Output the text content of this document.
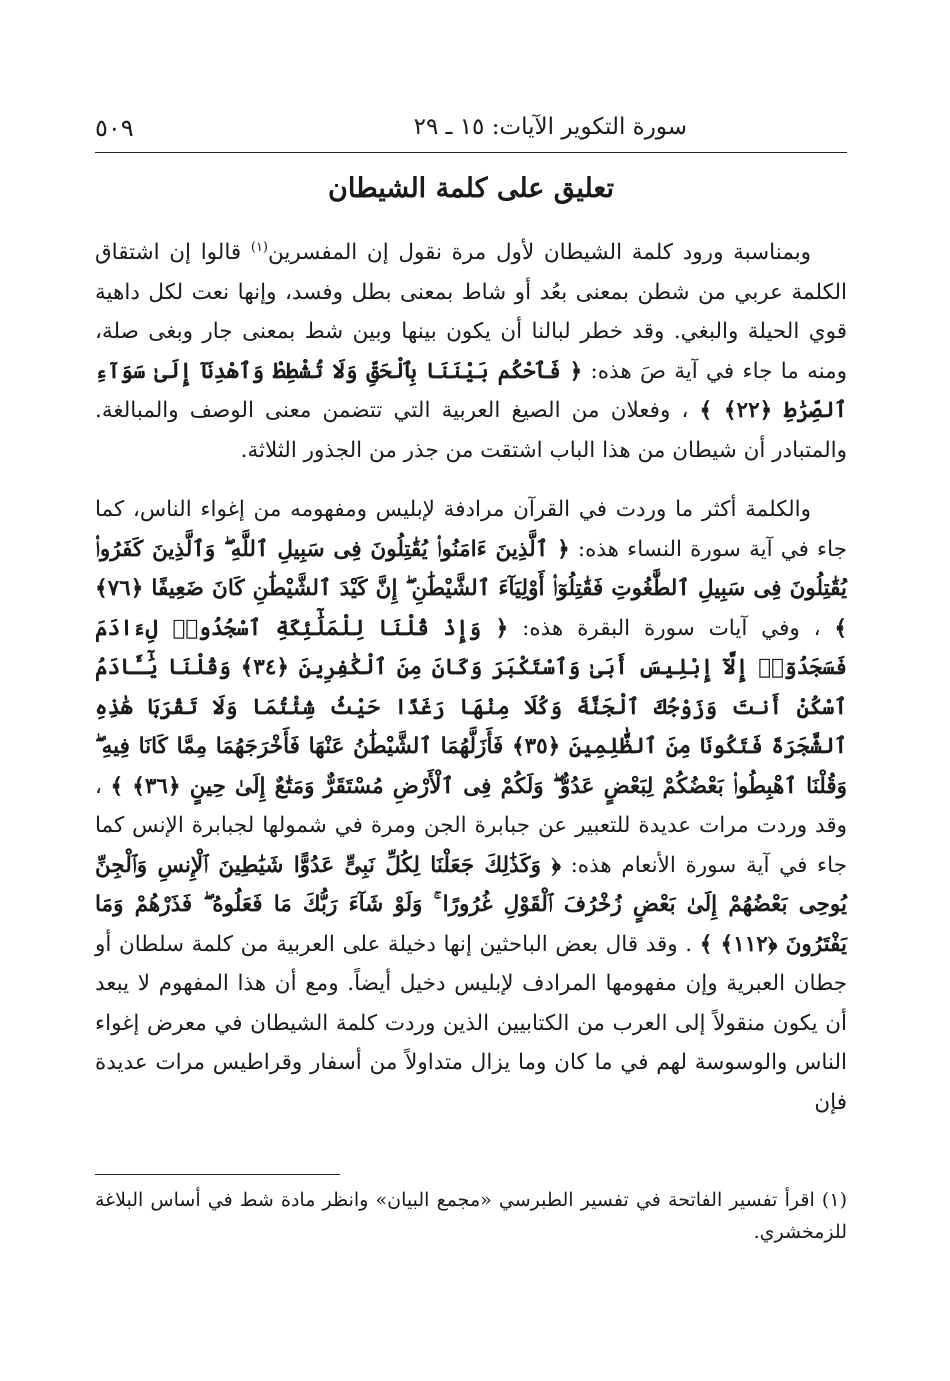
سورة التكوير الآيات: ١٥ ـ ٢٩
٥٠٩
تعليق على كلمة الشيطان

وبمناسبة ورود كلمة الشيطان لأول مرة نقول إن المفسرين$^{(١)}$ قالوا إن اشتقاق الكلمة عربي من شطن بمعنى بعُد أو شاط بمعنى بطل وفسد، وإنها نعت لكل داهية قوي الحيلة والبغي. وقد خطر لبالنا أن يكون بينها وبين شط بمعنى جار وبغى صلة، ومنه ما جاء في آية صَ هذه: ﴿ فَٱحْكُم بَيْنَنَا بِٱلْحَقِّ وَلَا تُشْطِطْ وَٱهْدِنَآ إِلَىٰ سَوَآءِ ٱلصِّرَٰطِ ﴿٢٢﴾ ﴾ ، وفعلان من الصيغ العربية التي تتضمن معنى الوصف والمبالغة. والمتبادر أن شيطان من هذا الباب اشتقت من جذر من الجذور الثلاثة.

والكلمة أكثر ما وردت في القرآن مرادفة لإبليس ومفهومه من إغواء الناس، كما جاء في آية سورة النساء هذه: ﴿ ٱلَّذِينَ ءَامَنُوا۟ يُقَٰتِلُونَ فِى سَبِيلِ ٱللَّهِ ۖ وَٱلَّذِينَ كَفَرُوا۟ يُقَٰتِلُونَ فِى سَبِيلِ ٱلطَّٰغُوتِ فَقَٰتِلُوٓا۟ أَوْلِيَآءَ ٱلشَّيْطَٰنِ ۖ إِنَّ كَيْدَ ٱلشَّيْطَٰنِ كَانَ ضَعِيفًا ﴿٧٦﴾ ﴾ ، وفي آيات سورة البقرة هذه: ﴿ وَإِذْ قُلْنَا لِلْمَلَٰٓئِكَةِ ٱسْجُدُوا۟ لِءَادَمَ فَسَجَدُوٓا۟ إِلَّآ إِبْلِيسَ أَبَىٰ وَٱسْتَكْبَرَ وَكَانَ مِنَ ٱلْكَٰفِرِينَ ﴿٣٤﴾ وَقُلْنَا يَٰٓـَٔادَمُ ٱسْكُنْ أَنتَ وَزَوْجُكَ ٱلْجَنَّةَ وَكُلَا مِنْهَا رَغَدًا حَيْثُ شِئْتُمَا وَلَا تَقْرَبَا هَٰذِهِ ٱلشَّجَرَةَ فَتَكُونَا مِنَ ٱلظَّٰلِمِينَ ﴿٣٥﴾ فَأَزَلَّهُمَا ٱلشَّيْطَٰنُ عَنْهَا فَأَخْرَجَهُمَا مِمَّا كَانَا فِيهِ ۖ وَقُلْنَا ٱهْبِطُوا۟ بَعْضُكُمْ لِبَعْضٍ عَدُوٌّ ۖ وَلَكُمْ فِى ٱلْأَرْضِ مُسْتَقَرٌّ وَمَتَٰعٌ إِلَىٰ حِينٍ ﴿٣٦﴾ ﴾ ، وقد وردت مرات عديدة للتعبير عن جبابرة الجن ومرة في شمولها لجبابرة الإنس كما جاء في آية سورة الأنعام هذه: ﴿ وَكَذَٰلِكَ جَعَلْنَا لِكُلِّ نَبِىٍّ عَدُوًّا شَيَٰطِينَ ٱلْإِنسِ وَٱلْجِنِّ يُوحِى بَعْضُهُمْ إِلَىٰ بَعْضٍ زُخْرُفَ ٱلْقَوْلِ غُرُورًا ۚ وَلَوْ شَآءَ رَبُّكَ مَا فَعَلُوهُ ۖ فَذَرْهُمْ وَمَا يَفْتَرُونَ ﴿١١٢﴾ ﴾ . وقد قال بعض الباحثين إنها دخيلة على العربية من كلمة سلطان أو جطان العبرية وإن مفهومها المرادف لإبليس دخيل أيضاً. ومع أن هذا المفهوم لا يبعد أن يكون منقولاً إلى العرب من الكتابيين الذين وردت كلمة الشيطان في معرض إغواء الناس والوسوسة لهم في ما كان وما يزال متداولاً من أسفار وقراطيس مرات عديدة فإن

(١) اقرأ تفسير الفاتحة في تفسير الطبرسي «مجمع البيان» وانظر مادة شط في أساس البلاغة للزمخشري.
